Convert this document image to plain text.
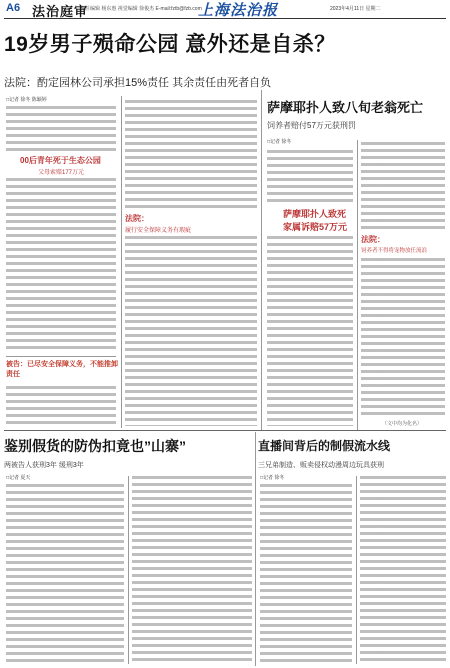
A6 法治庭审
责任编辑 杨东惠 视觉编辑 徐俊杰 E-mail:fztb@fzb.com
上海法治报	2023年4月11日 星期二
19岁男子殒命公园 意外还是自杀？
法院：酌定园林公司承担15%责任 其余责任由死者自负
□记者 徐冬 陈颖婷
00后青年死于生态公园
父母索赔177万元
被告：已尽安全保障义务，不能推卸责任
法院：
履行安全保障义务有瑕疵
萨摩耶扑人致八旬老翁死亡
饲养者赔付57万元获刑罚
□记者 徐冬
萨摩耶扑人致死
家属诉赔57万元
法院：
饲养者不得将宠物放任流浪
（文中均为化名）
鉴别假货的防伪扣竟也”山寨”
两被告人获刑3年 缓刑3年
□记者 夏天
直播间背后的制假流水线
三兄弟制造、贩卖侵权动漫周边玩具获刑
□记者 徐冬
